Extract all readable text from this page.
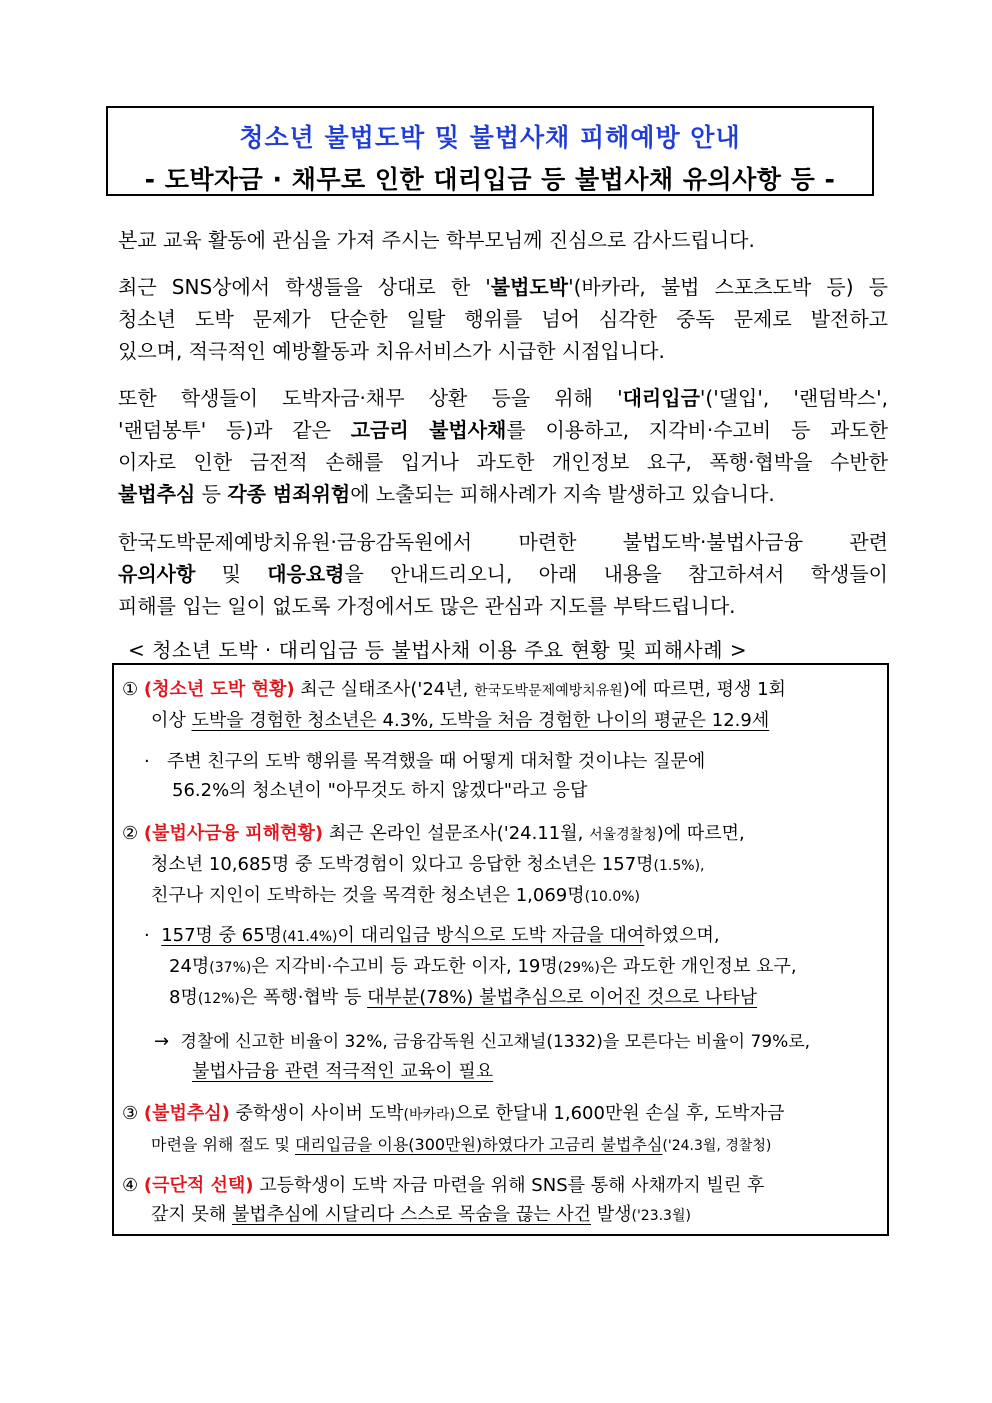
청소년 불법도박 및 불법사채 피해예방 안내
- 도박자금 · 채무로 인한 대리입금 등 불법사채 유의사항 등 -
본교 교육 활동에 관심을 가져 주시는 학부모님께 진심으로 감사드립니다.
최근 SNS상에서 학생들을 상대로 한 '불법도박'(바카라, 불법 스포츠도박 등) 등
청소년 도박 문제가 단순한 일탈 행위를 넘어 심각한 중독 문제로 발전하고
있으며, 적극적인 예방활동과 치유서비스가 시급한 시점입니다.
또한 학생들이 도박자금·채무 상환 등을 위해 '대리입금'('댈입', '랜덤박스',
'랜덤봉투' 등)과 같은 고금리 불법사채를 이용하고, 지각비·수고비 등 과도한
이자로 인한 금전적 손해를 입거나 과도한 개인정보 요구, 폭행·협박을 수반한
불법추심 등 각종 범죄위험에 노출되는 피해사례가 지속 발생하고 있습니다.
한국도박문제예방치유원·금융감독원에서 마련한 불법도박·불법사금융 관련
유의사항 및 대응요령을 안내드리오니, 아래 내용을 참고하셔서 학생들이
피해를 입는 일이 없도록 가정에서도 많은 관심과 지도를 부탁드립니다.
< 청소년 도박 · 대리입금 등 불법사채 이용 주요 현황 및 피해사례 >
① (청소년 도박 현황) 최근 실태조사('24년, 한국도박문제예방치유원)에 따르면, 평생 1회
이상 도박을 경험한 청소년은 4.3%, 도박을 처음 경험한 나이의 평균은 12.9세
· 주변 친구의 도박 행위를 목격했을 때 어떻게 대처할 것이냐는 질문에
56.2%의 청소년이 "아무것도 하지 않겠다"라고 응답
② (불법사금융 피해현황) 최근 온라인 설문조사('24.11월, 서울경찰청)에 따르면,
청소년 10,685명 중 도박경험이 있다고 응답한 청소년은 157명(1.5%),
친구나 지인이 도박하는 것을 목격한 청소년은 1,069명(10.0%)
· 157명 중 65명(41.4%)이 대리입금 방식으로 도박 자금을 대여하였으며,
24명(37%)은 지각비·수고비 등 과도한 이자, 19명(29%)은 과도한 개인정보 요구,
8명(12%)은 폭행·협박 등 대부분(78%) 불법추심으로 이어진 것으로 나타남
→ 경찰에 신고한 비율이 32%, 금융감독원 신고채널(1332)을 모른다는 비율이 79%로,
불법사금융 관련 적극적인 교육이 필요
③ (불법추심) 중학생이 사이버 도박(바카라)으로 한달내 1,600만원 손실 후, 도박자금
마련을 위해 절도 및 대리입금을 이용(300만원)하였다가 고금리 불법추심('24.3월, 경찰청)
④ (극단적 선택) 고등학생이 도박 자금 마련을 위해 SNS를 통해 사채까지 빌린 후
갚지 못해 불법추심에 시달리다 스스로 목숨을 끊는 사건 발생('23.3월)
